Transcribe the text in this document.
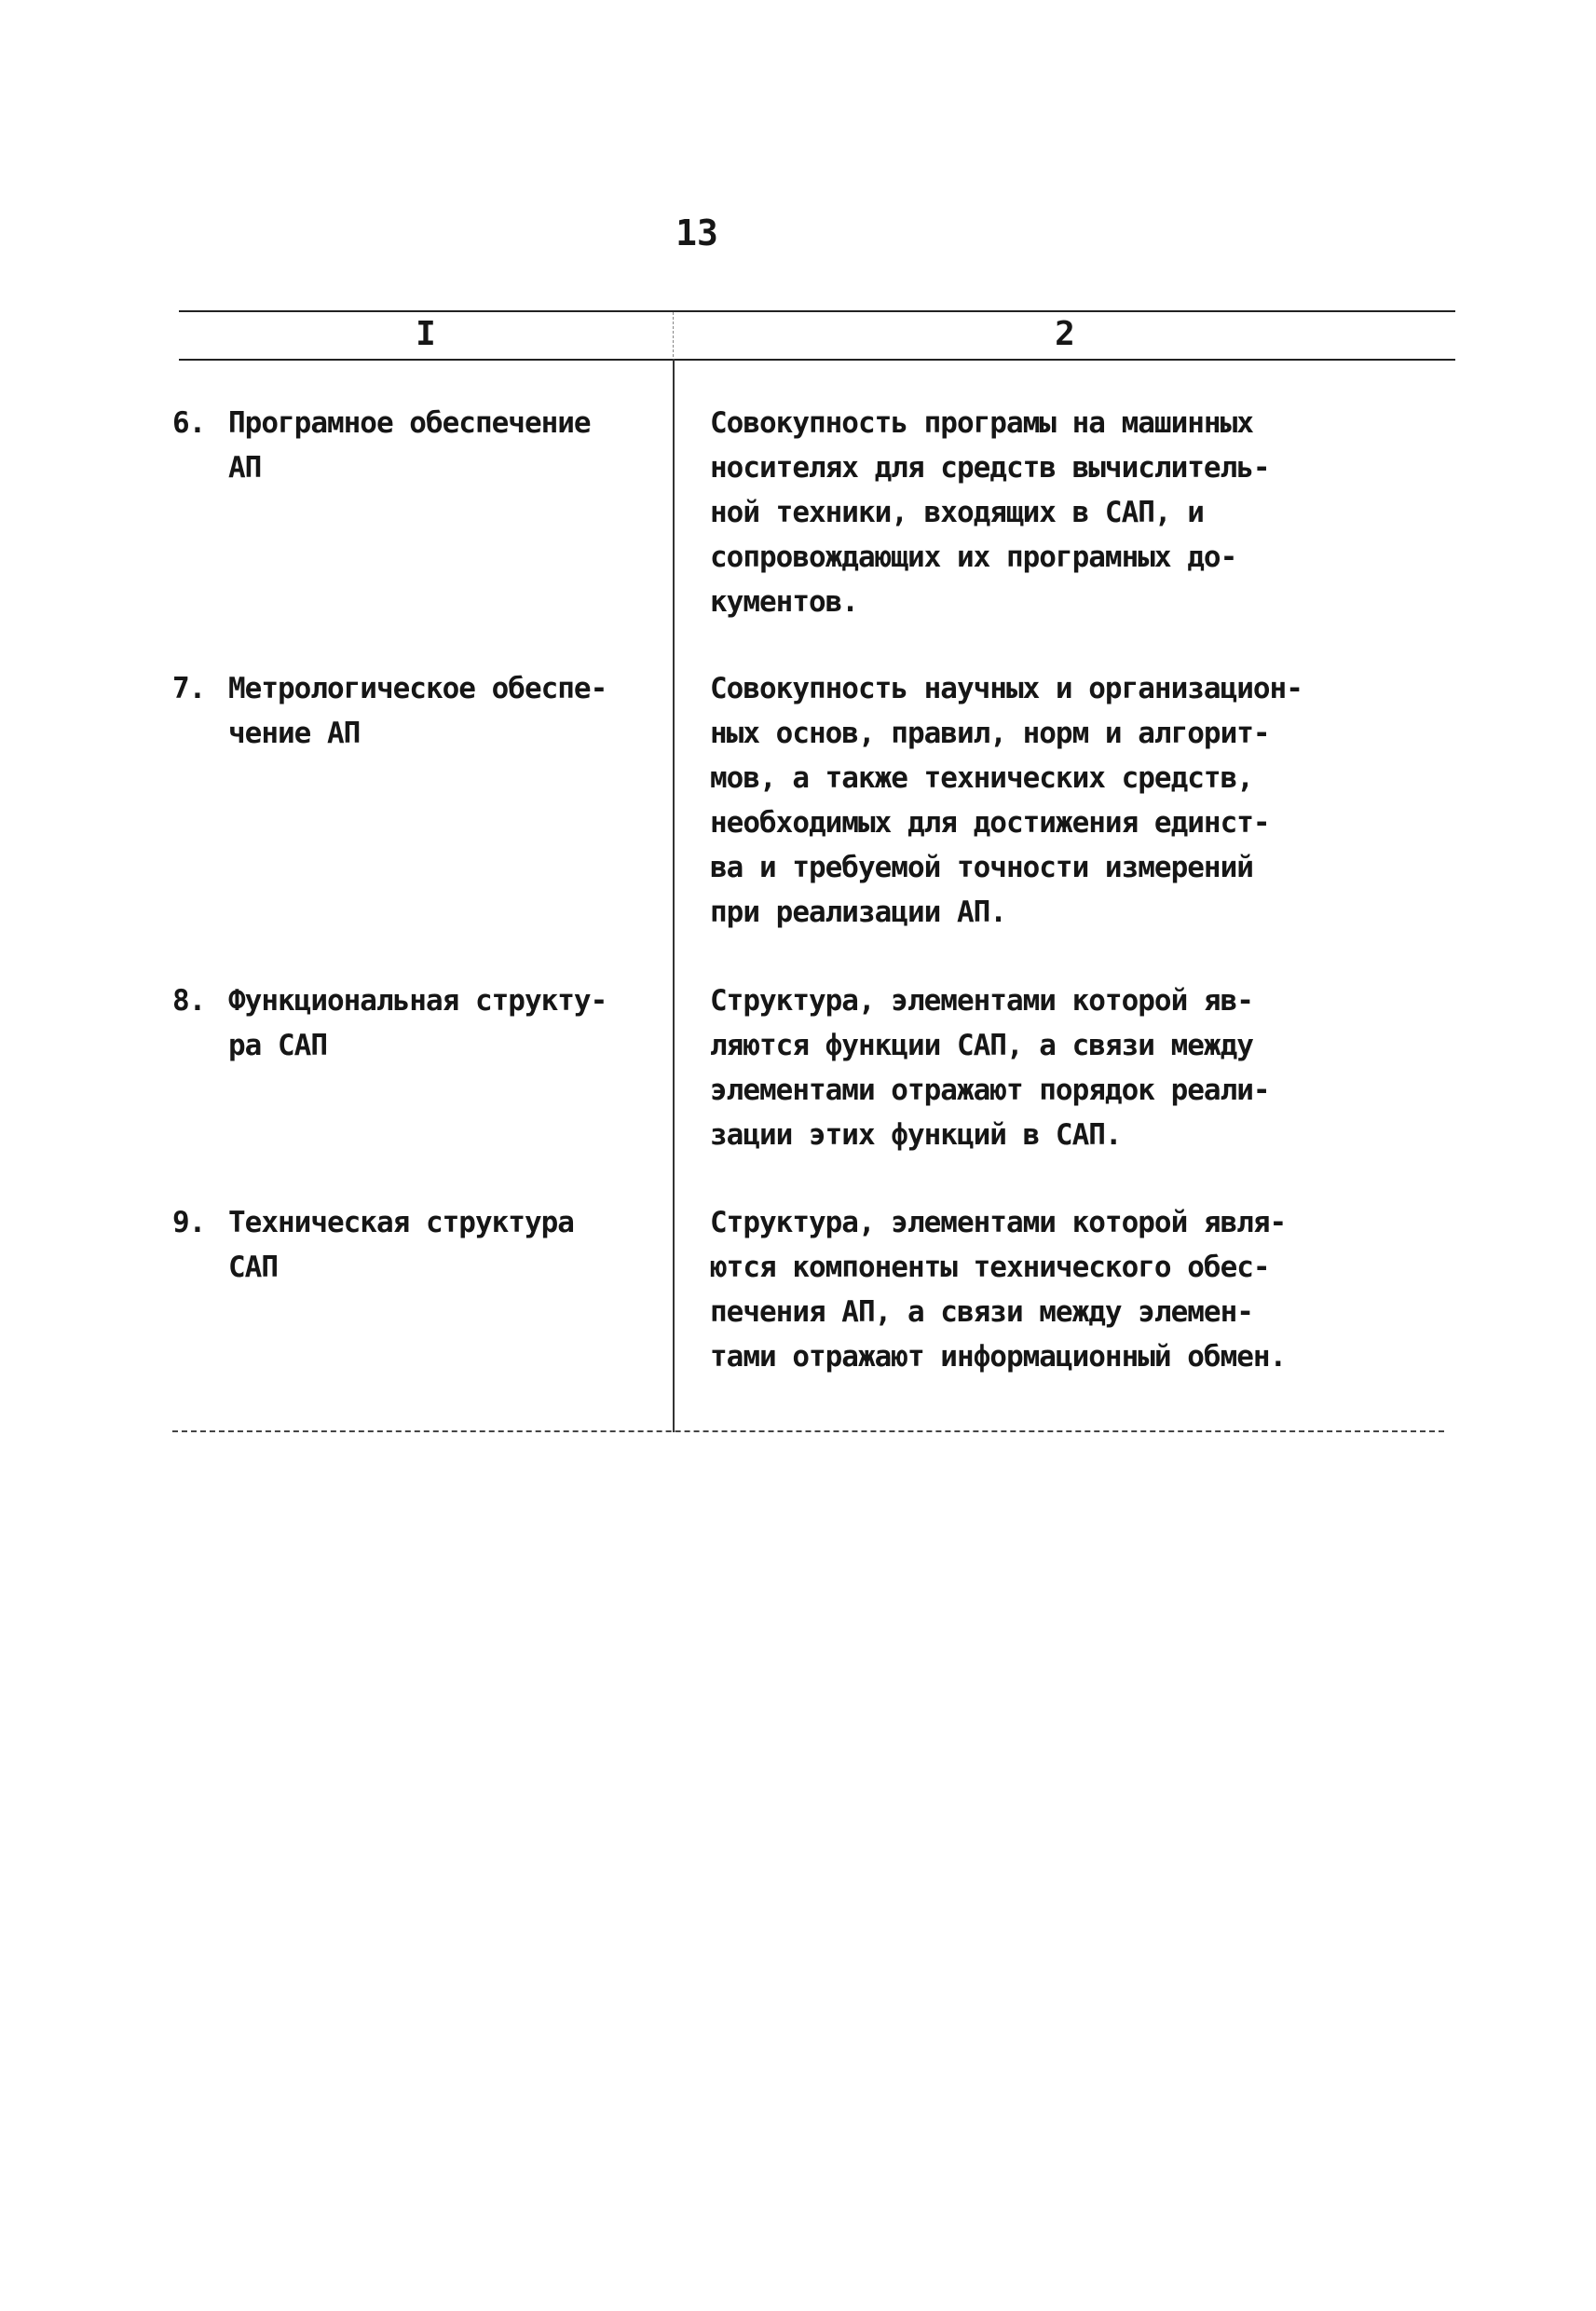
13
I	2
6. Програмное обеспечение
АП
Совокупность програмы на машинных
носителях для средств вычислитель-
ной техники, входящих в САП, и
сопровождающих их програмных до-
кументов.
7. Метрологическое обеспе-
чение АП
Совокупность научных и организацион-
ных основ, правил, норм и алгорит-
мов, а также технических средств,
необходимых для достижения единст-
ва и требуемой точности измерений
при реализации АП.
8. Функциональная структу-
ра САП
Структура, элементами которой яв-
ляются функции САП, а связи между
элементами отражают порядок реали-
зации этих функций в САП.
9. Техническая структура
САП
Структура, элементами которой явля-
ются компоненты технического обес-
печения АП, а связи между элемен-
тами отражают информационный обмен.
